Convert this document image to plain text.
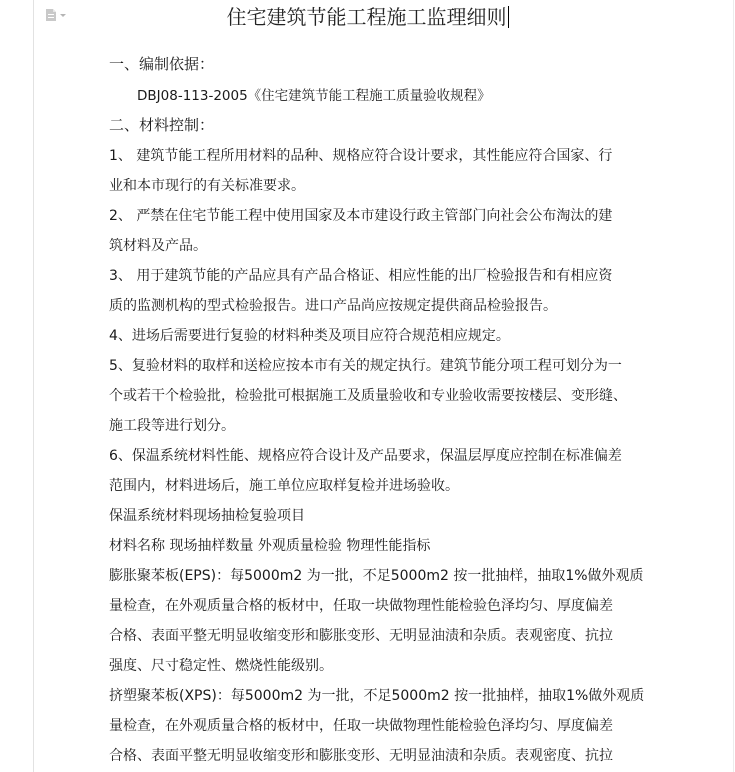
住宅建筑节能工程施工监理细则
一、编制依据：
DBJ08-113-2005《住宅建筑节能工程施工质量验收规程》
二、材料控制：
1、 建筑节能工程所用材料的品种、规格应符合设计要求，其性能应符合国家、行
业和本市现行的有关标准要求。
2、 严禁在住宅节能工程中使用国家及本市建设行政主管部门向社会公布淘汰的建
筑材料及产品。
3、 用于建筑节能的产品应具有产品合格证、相应性能的出厂检验报告和有相应资
质的监测机构的型式检验报告。进口产品尚应按规定提供商品检验报告。
4、进场后需要进行复验的材料种类及项目应符合规范相应规定。
5、复验材料的取样和送检应按本市有关的规定执行。建筑节能分项工程可划分为一
个或若干个检验批，检验批可根据施工及质量验收和专业验收需要按楼层、变形缝、
施工段等进行划分。
6、保温系统材料性能、规格应符合设计及产品要求，保温层厚度应控制在标准偏差
范围内，材料进场后，施工单位应取样复检并进场验收。
保温系统材料现场抽检复验项目
材料名称 现场抽样数量 外观质量检验 物理性能指标
膨胀聚苯板(EPS)：每5000m2 为一批，不足5000m2 按一批抽样，抽取1%做外观质
量检查，在外观质量合格的板材中，任取一块做物理性能检验色泽均匀、厚度偏差
合格、表面平整无明显收缩变形和膨胀变形、无明显油渍和杂质。表观密度、抗拉
强度、尺寸稳定性、燃烧性能级别。
挤塑聚苯板(XPS)：每5000m2 为一批，不足5000m2 按一批抽样，抽取1%做外观质
量检查，在外观质量合格的板材中，任取一块做物理性能检验色泽均匀、厚度偏差
合格、表面平整无明显收缩变形和膨胀变形、无明显油渍和杂质。表观密度、抗拉
